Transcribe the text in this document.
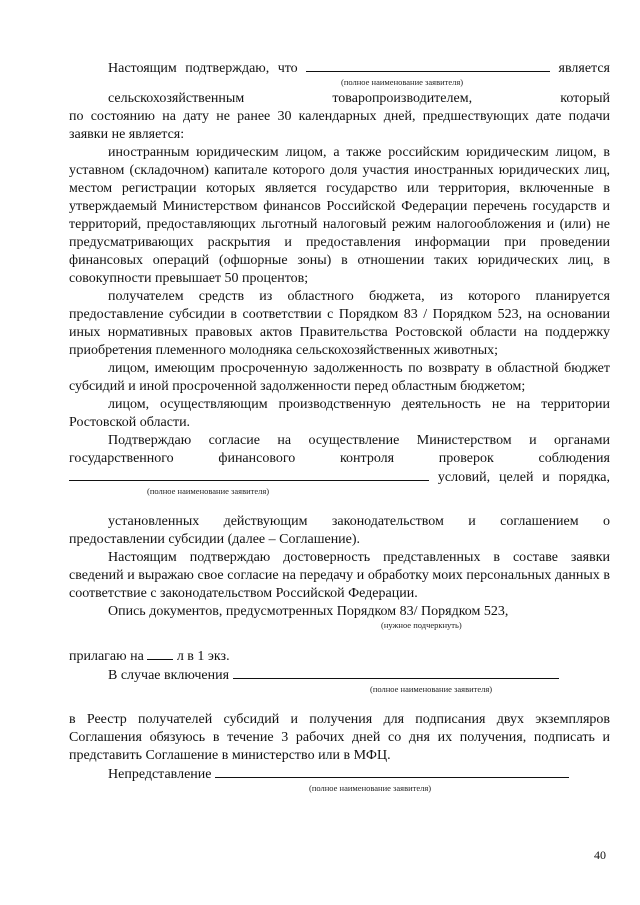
Настоящим подтверждаю, что	является

(полное наименование заявителя)

сельскохозяйственным товаропроизводителем, который

по состоянию на дату не ранее 30 календарных дней, предшествующих дате подачи заявки не является:

иностранным юридическим лицом, а также российским юридическим лицом, в уставном (складочном) капитале которого доля участия иностранных юридических лиц, местом регистрации которых является государство или территория, включенные в утверждаемый Министерством финансов Российской Федерации перечень государств и территорий, предоставляющих льготный налоговый режим налогообложения и (или) не предусматривающих раскрытия и предоставления информации при проведении финансовых операций (офшорные зоны) в отношении таких юридических лиц, в совокупности превышает 50 процентов;

получателем средств из областного бюджета, из которого планируется предоставление субсидии в соответствии с Порядком 83 / Порядком 523, на основании иных нормативных правовых актов Правительства Ростовской области на поддержку приобретения племенного молодняка сельскохозяйственных животных;

лицом, имеющим просроченную задолженность по возврату в областной бюджет субсидий и иной просроченной задолженности перед областным бюджетом;

лицом, осуществляющим производственную деятельность не на территории Ростовской области.

Подтверждаю согласие на осуществление Министерством и органами

государственного финансового контроля проверок соблюдения

условий, целей и порядка,

(полное наименование заявителя)

установленных действующим законодательством и соглашением о

предоставлении субсидии (далее – Соглашение).

Настоящим подтверждаю достоверность представленных в составе заявки сведений и выражаю свое согласие на передачу и обработку моих персональных данных в соответствие с законодательством Российской Федерации.

Опись документов, предусмотренных Порядком 83/ Порядком 523,

(нужное подчеркнуть)

прилагаю на л в 1 экз.

В случае включения

(полное наименование заявителя)

в Реестр получателей субсидий и получения для подписания двух экземпляров Соглашения обязуюсь в течение 3 рабочих дней со дня их получения, подписать и представить Соглашение в министерство или в МФЦ.

Непредставление

(полное наименование заявителя)
40
